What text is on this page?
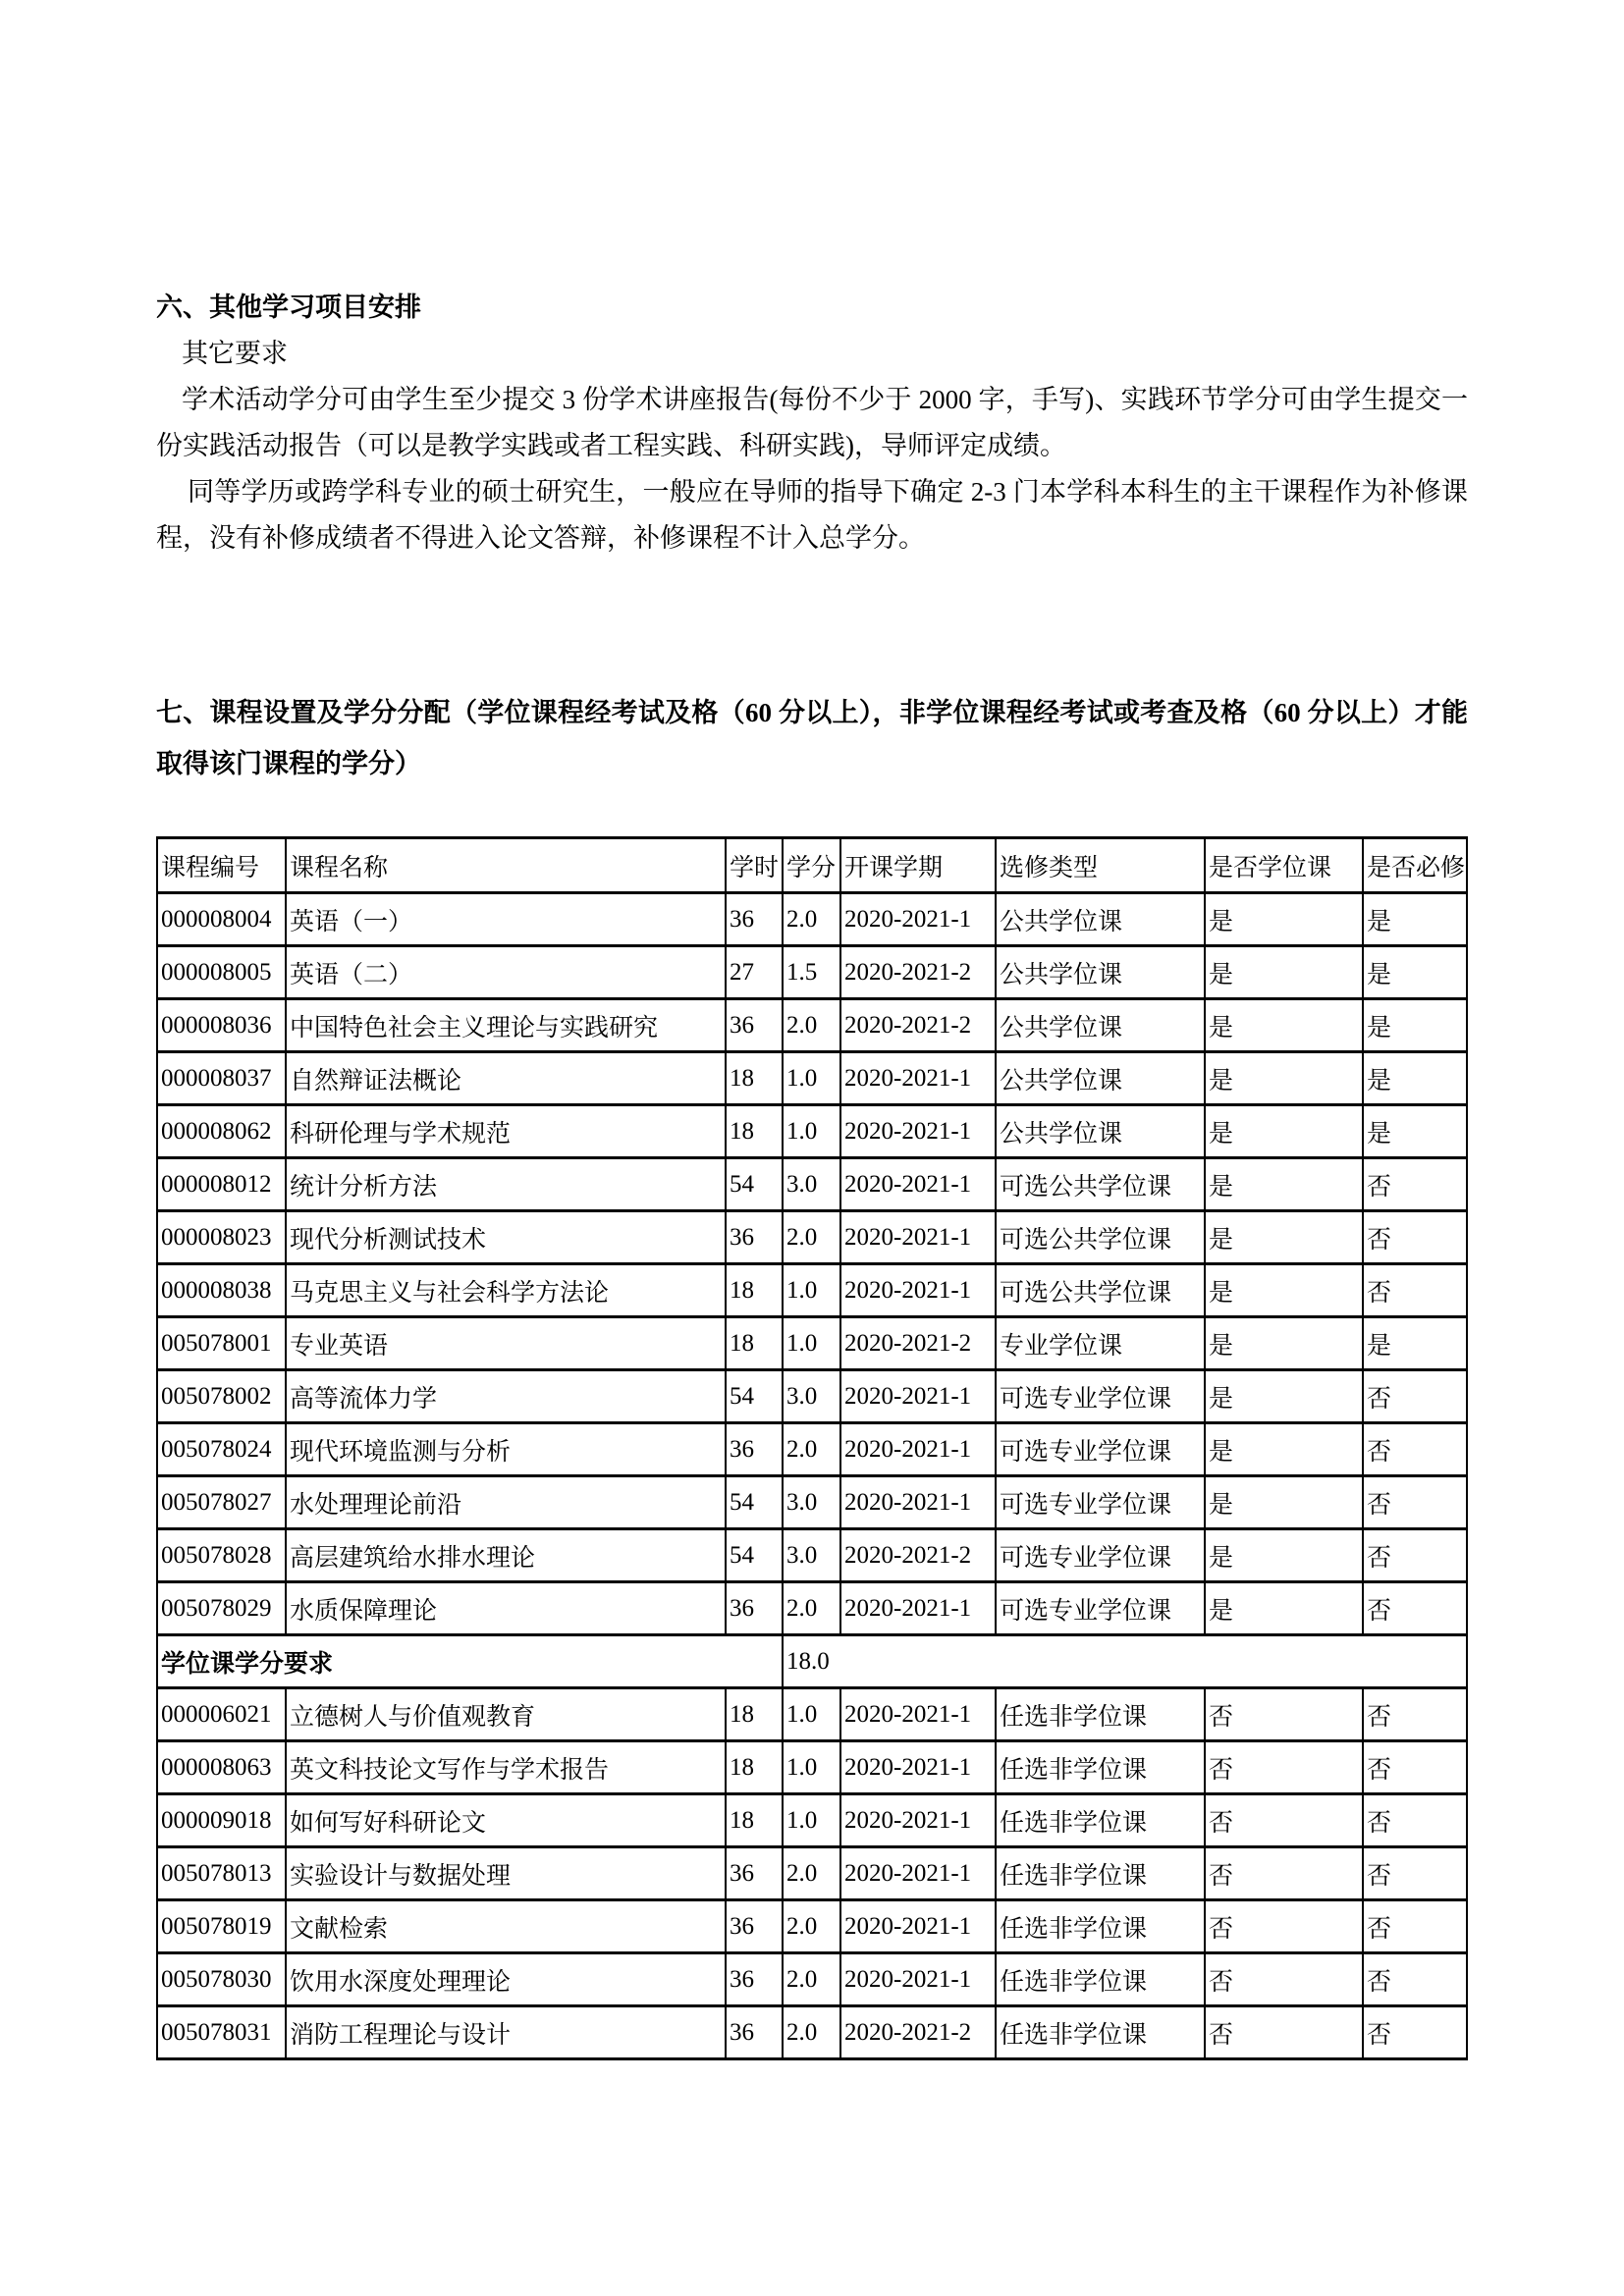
六、其他学习项目安排

其它要求

学术活动学分可由学生至少提交 3 份学术讲座报告(每份不少于 2000 字，手写)、实践环节学分可由学生提交一份实践活动报告（可以是教学实践或者工程实践、科研实践)，导师评定成绩。

同等学历或跨学科专业的硕士研究生，一般应在导师的指导下确定 2-3 门本学科本科生的主干课程作为补修课程，没有补修成绩者不得进入论文答辩，补修课程不计入总学分。

七、课程设置及学分分配（学位课程经考试及格（60 分以上），非学位课程经考试或考查及格（60 分以上）才能取得该门课程的学分）
课程编号	课程名称	学时	学分	开课学期	选修类型	是否学位课	是否必修
000008004	英语（一）	36	2.0	2020-2021-1	公共学位课	是	是
000008005	英语（二）	27	1.5	2020-2021-2	公共学位课	是	是
000008036	中国特色社会主义理论与实践研究	36	2.0	2020-2021-2	公共学位课	是	是
000008037	自然辩证法概论	18	1.0	2020-2021-1	公共学位课	是	是
000008062	科研伦理与学术规范	18	1.0	2020-2021-1	公共学位课	是	是
000008012	统计分析方法	54	3.0	2020-2021-1	可选公共学位课	是	否
000008023	现代分析测试技术	36	2.0	2020-2021-1	可选公共学位课	是	否
000008038	马克思主义与社会科学方法论	18	1.0	2020-2021-1	可选公共学位课	是	否
005078001	专业英语	18	1.0	2020-2021-2	专业学位课	是	是
005078002	高等流体力学	54	3.0	2020-2021-1	可选专业学位课	是	否
005078024	现代环境监测与分析	36	2.0	2020-2021-1	可选专业学位课	是	否
005078027	水处理理论前沿	54	3.0	2020-2021-1	可选专业学位课	是	否
005078028	高层建筑给水排水理论	54	3.0	2020-2021-2	可选专业学位课	是	否
005078029	水质保障理论	36	2.0	2020-2021-1	可选专业学位课	是	否
学位课学分要求			18.0				
000006021	立德树人与价值观教育	18	1.0	2020-2021-1	任选非学位课	否	否
000008063	英文科技论文写作与学术报告	18	1.0	2020-2021-1	任选非学位课	否	否
000009018	如何写好科研论文	18	1.0	2020-2021-1	任选非学位课	否	否
005078013	实验设计与数据处理	36	2.0	2020-2021-1	任选非学位课	否	否
005078019	文献检索	36	2.0	2020-2021-1	任选非学位课	否	否
005078030	饮用水深度处理理论	36	2.0	2020-2021-1	任选非学位课	否	否
005078031	消防工程理论与设计	36	2.0	2020-2021-2	任选非学位课	否	否
